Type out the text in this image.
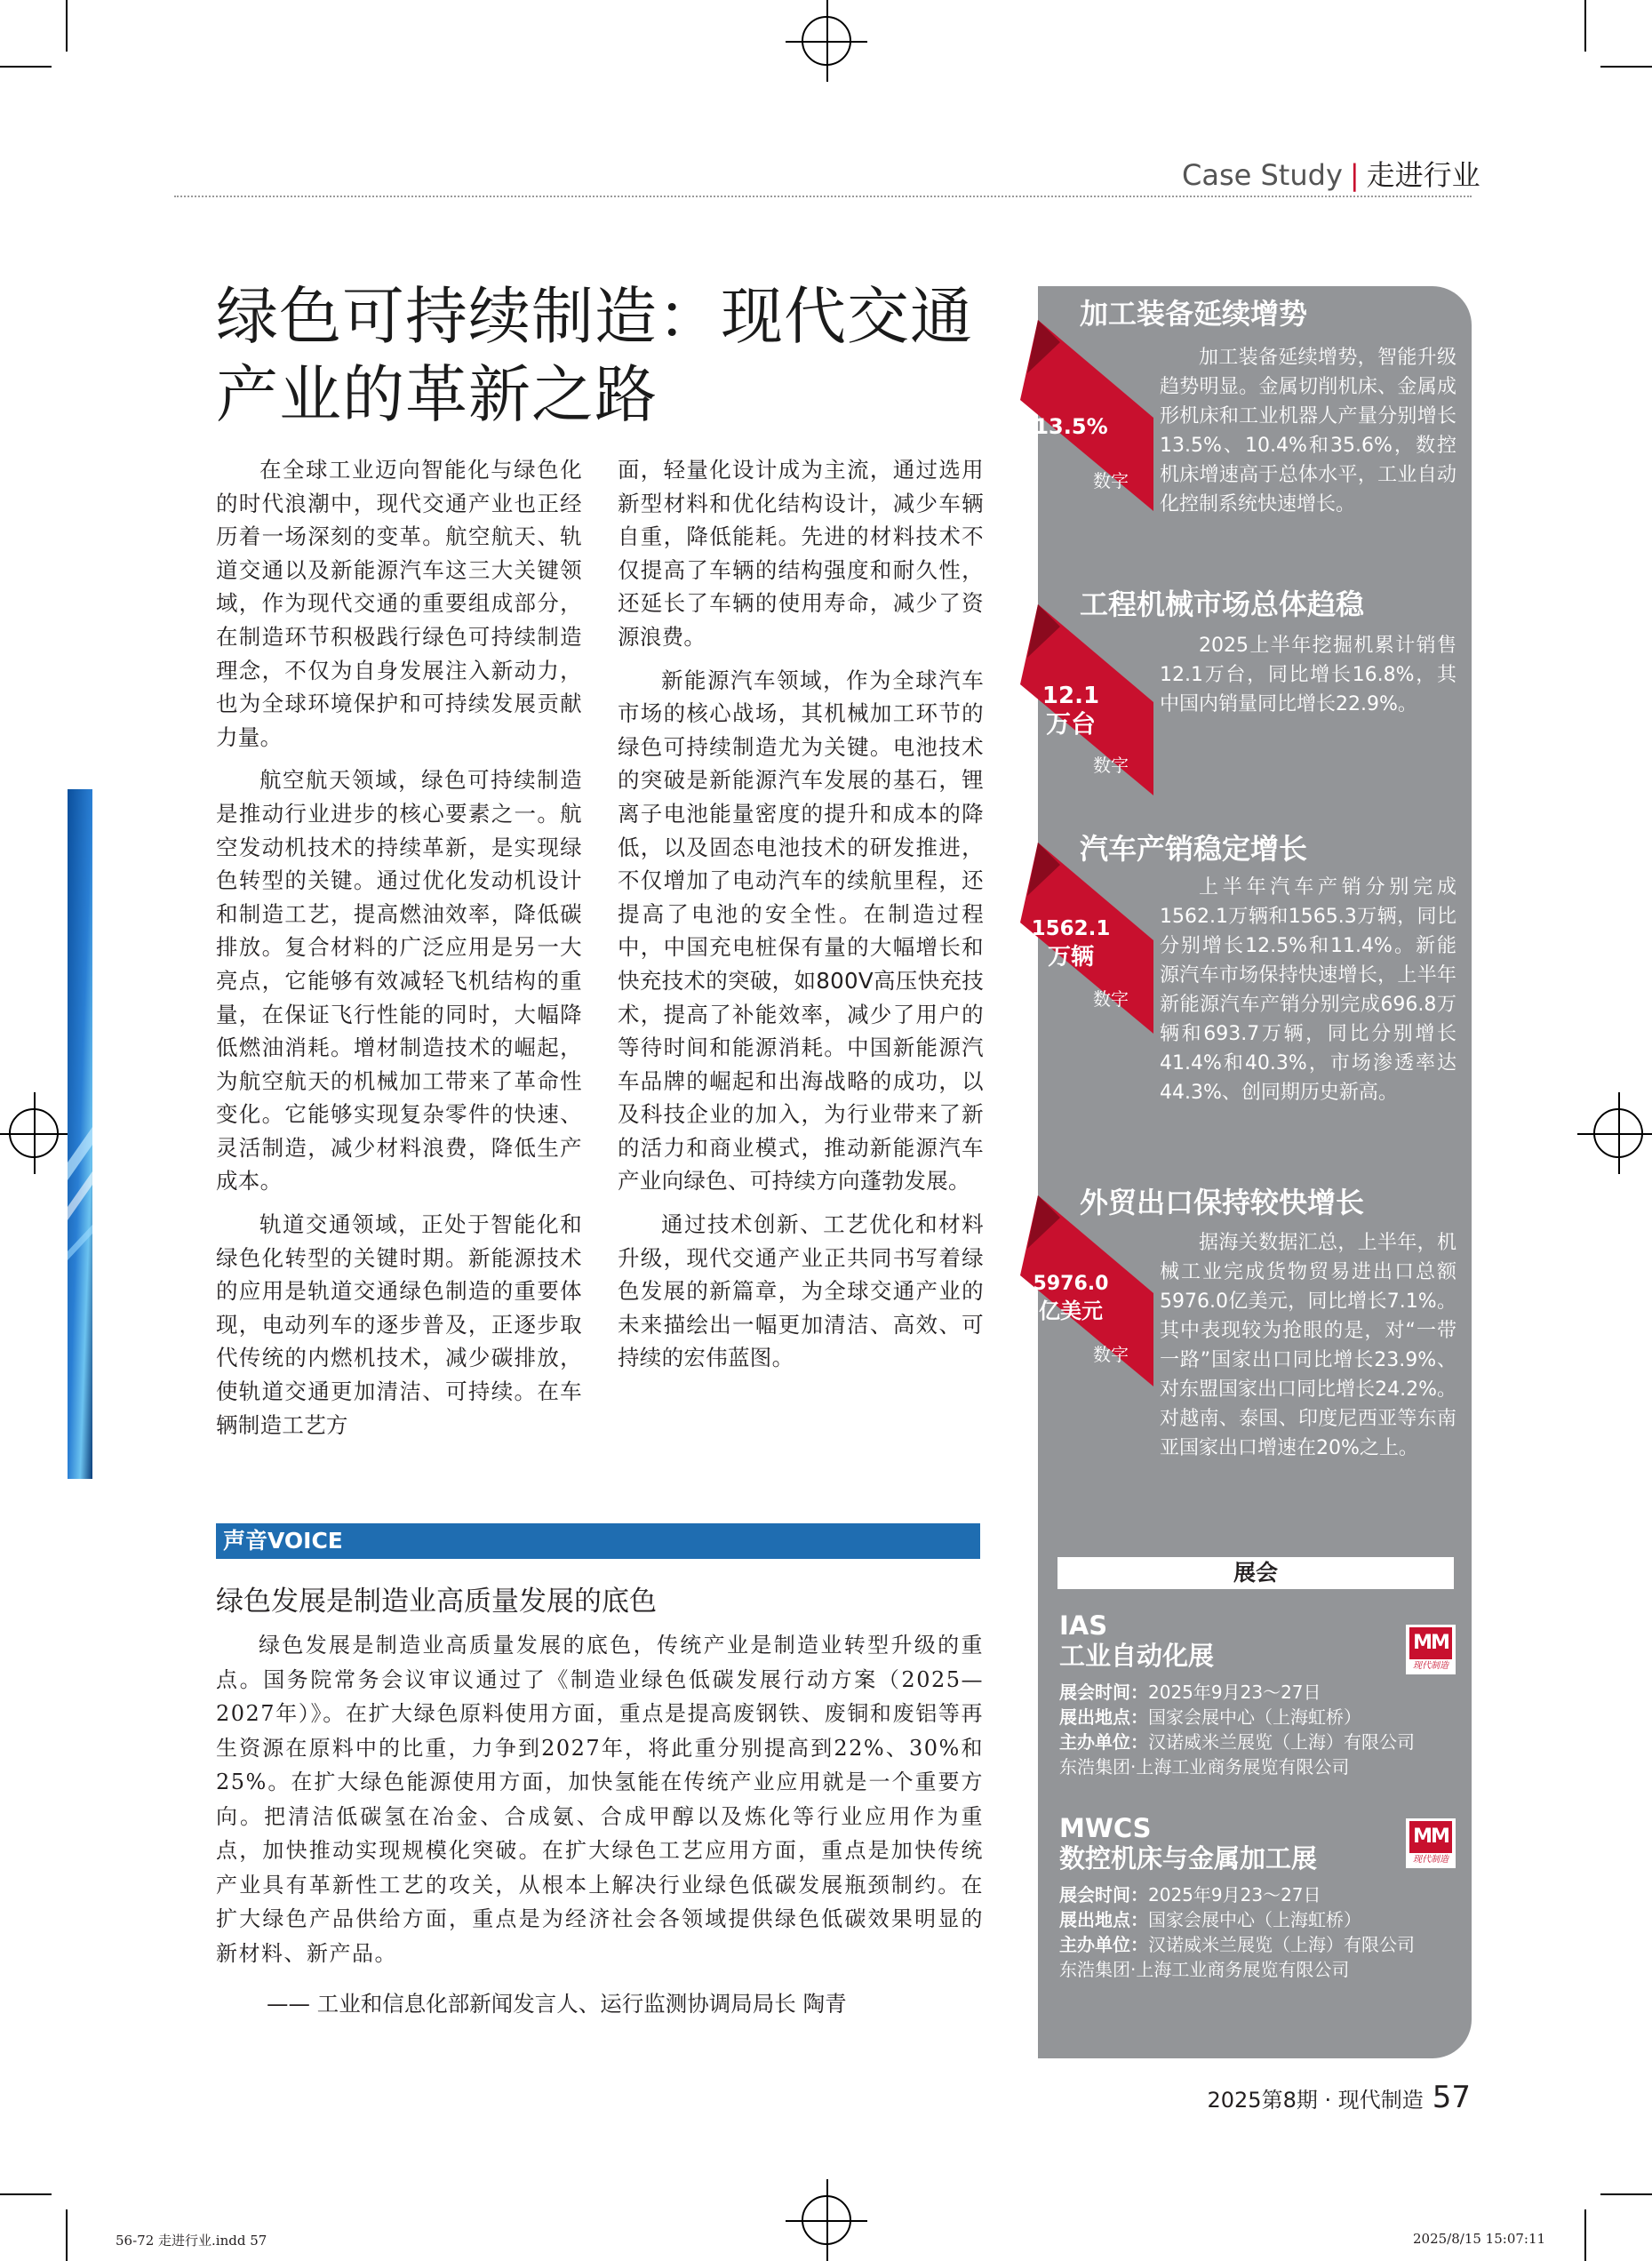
Case Study | 走进行业
绿色可持续制造：现代交通
产业的革新之路

在全球工业迈向智能化与绿色化的时代浪潮中，现代交通产业也正经历着一场深刻的变革。航空航天、轨道交通以及新能源汽车这三大关键领域，作为现代交通的重要组成部分，在制造环节积极践行绿色可持续制造理念，不仅为自身发展注入新动力，也为全球环境保护和可持续发展贡献力量。

航空航天领域，绿色可持续制造是推动行业进步的核心要素之一。航空发动机技术的持续革新，是实现绿色转型的关键。通过优化发动机设计和制造工艺，提高燃油效率，降低碳排放。复合材料的广泛应用是另一大亮点，它能够有效减轻飞机结构的重量，在保证飞行性能的同时，大幅降低燃油消耗。增材制造技术的崛起，为航空航天的机械加工带来了革命性变化。它能够实现复杂零件的快速、灵活制造，减少材料浪费，降低生产成本。

轨道交通领域，正处于智能化和绿色化转型的关键时期。新能源技术的应用是轨道交通绿色制造的重要体现，电动列车的逐步普及，正逐步取代传统的内燃机技术，减少碳排放，使轨道交通更加清洁、可持续。在车辆制造工艺方

面，轻量化设计成为主流，通过选用新型材料和优化结构设计，减少车辆自重，降低能耗。先进的材料技术不仅提高了车辆的结构强度和耐久性，还延长了车辆的使用寿命，减少了资源浪费。

新能源汽车领域，作为全球汽车市场的核心战场，其机械加工环节的绿色可持续制造尤为关键。电池技术的突破是新能源汽车发展的基石，锂离子电池能量密度的提升和成本的降低，以及固态电池技术的研发推进，不仅增加了电动汽车的续航里程，还提高了电池的安全性。在制造过程中，中国充电桩保有量的大幅增长和快充技术的突破，如800V高压快充技术，提高了补能效率，减少了用户的等待时间和能源消耗。中国新能源汽车品牌的崛起和出海战略的成功，以及科技企业的加入，为行业带来了新的活力和商业模式，推动新能源汽车产业向绿色、可持续方向蓬勃发展。

通过技术创新、工艺优化和材料升级，现代交通产业正共同书写着绿色发展的新篇章，为全球交通产业的未来描绘出一幅更加清洁、高效、可持续的宏伟蓝图。

加工装备延续增势
13.5%
数字

加工装备延续增势，智能升级趋势明显。金属切削机床、金属成形机床和工业机器人产量分别增长13.5%、10.4%和35.6%，数控机床增速高于总体水平，工业自动化控制系统快速增长。

工程机械市场总体趋稳
12.1
万台
数字

2025上半年挖掘机累计销售12.1万台，同比增长16.8%，其中国内销量同比增长22.9%。

汽车产销稳定增长
1562.1
万辆
数字

上半年汽车产销分别完成1562.1万辆和1565.3万辆，同比分别增长12.5%和11.4%。新能源汽车市场保持快速增长，上半年新能源汽车产销分别完成696.8万辆和693.7万辆，同比分别增长41.4%和40.3%，市场渗透率达44.3%、创同期历史新高。

外贸出口保持较快增长
5976.0
亿美元
数字

据海关数据汇总，上半年，机械工业完成货物贸易进出口总额5976.0亿美元，同比增长7.1%。其中表现较为抢眼的是，对“一带一路”国家出口同比增长23.9%、对东盟国家出口同比增长24.2%。对越南、泰国、印度尼西亚等东南亚国家出口增速在20%之上。

展会
IAS
工业自动化展	MM
现代制造
展会时间：2025年9月23～27日
展出地点：国家会展中心（上海虹桥）
主办单位：汉诺威米兰展览（上海）有限公司
东浩集团·上海工业商务展览有限公司
MWCS
数控机床与金属加工展
MM
现代制造
展会时间：2025年9月23～27日
展出地点：国家会展中心（上海虹桥）
主办单位：汉诺威米兰展览（上海）有限公司
东浩集团·上海工业商务展览有限公司
声音VOICE
绿色发展是制造业高质量发展的底色

绿色发展是制造业高质量发展的底色，传统产业是制造业转型升级的重点。国务院常务会议审议通过了《制造业绿色低碳发展行动方案（2025—2027年）》。在扩大绿色原料使用方面，重点是提高废钢铁、废铜和废铝等再生资源在原料中的比重，力争到2027年，将此重分别提高到22%、30%和25%。在扩大绿色能源使用方面，加快氢能在传统产业应用就是一个重要方向。把清洁低碳氢在冶金、合成氨、合成甲醇以及炼化等行业应用作为重点，加快推动实现规模化突破。在扩大绿色工艺应用方面，重点是加快传统产业具有革新性工艺的攻关，从根本上解决行业绿色低碳发展瓶颈制约。在扩大绿色产品供给方面，重点是为经济社会各领域提供绿色低碳效果明显的新材料、新产品。

—— 工业和信息化部新闻发言人、运行监测协调局局长 陶青
2025第8期 · 现代制造 57
56-72 走进行业.indd 57	2025/8/15 15:07:11
